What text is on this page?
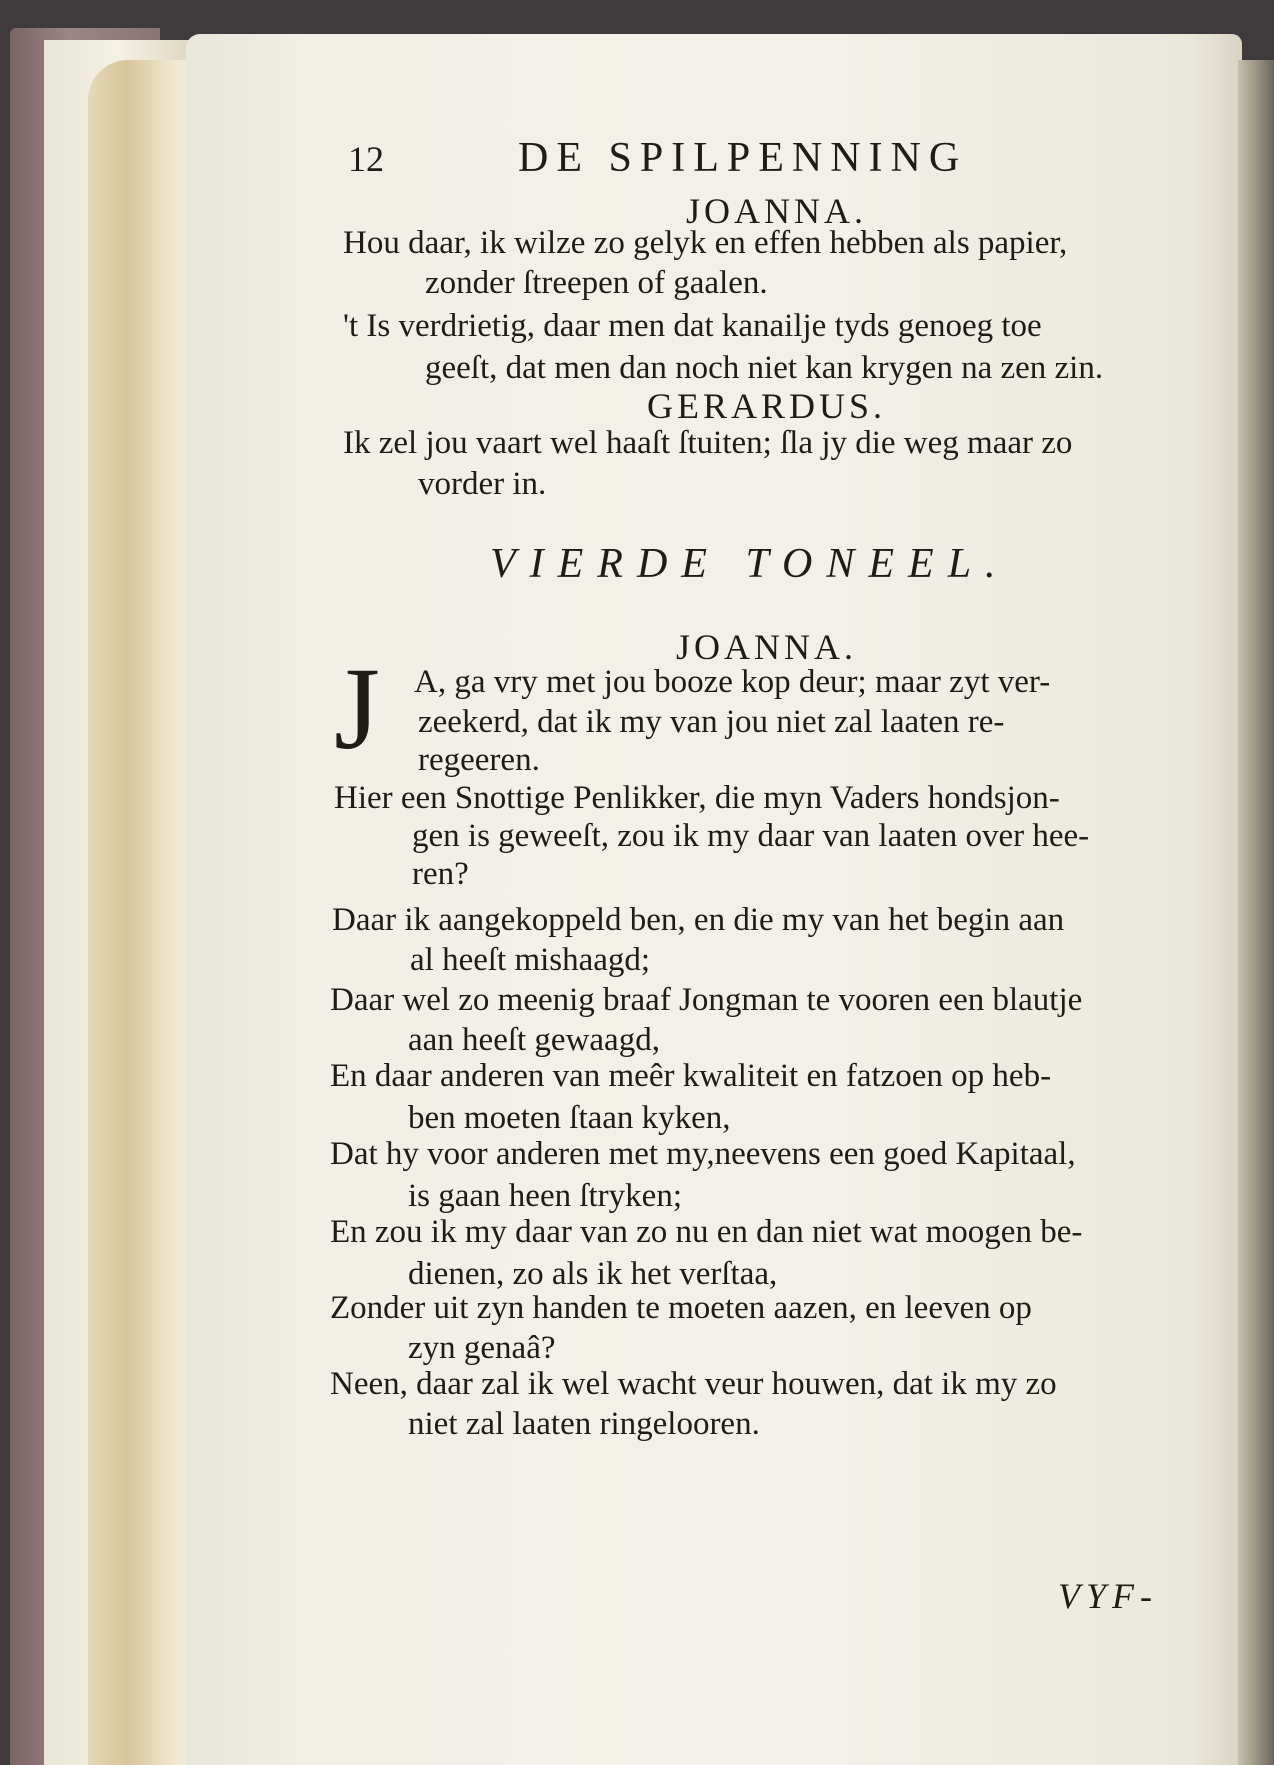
12	DE SPILPENNING
JOANNA.
Hou daar, ik wilze zo gelyk en effen hebben als papier,
zonder ſtreepen of gaalen.
't Is verdrietig, daar men dat kanailje tyds genoeg toe
geeſt, dat men dan noch niet kan krygen na zen zin.
GERARDUS.
Ik zel jou vaart wel haaſt ſtuiten; ſla jy die weg maar zo
vorder in.
VIERDE TONEEL.
JOANNA.
J A, ga vry met jou booze kop deur; maar zyt ver-
zeekerd, dat ik my van jou niet zal laaten re-
regeeren.
Hier een Snottige Penlikker, die myn Vaders hondsjon-
gen is geweeſt, zou ik my daar van laaten over hee-
ren?
Daar ik aangekoppeld ben, en die my van het begin aan
al heeſt mishaagd;
Daar wel zo meenig braaf Jongman te vooren een blautje
aan heeſt gewaagd,
En daar anderen van meêr kwaliteit en fatzoen op heb-
ben moeten ſtaan kyken,
Dat hy voor anderen met my,neevens een goed Kapitaal,
is gaan heen ſtryken;
En zou ik my daar van zo nu en dan niet wat moogen be-
dienen, zo als ik het verſtaa,
Zonder uit zyn handen te moeten aazen, en leeven op
zyn genaâ?
Neen, daar zal ik wel wacht veur houwen, dat ik my zo
niet zal laaten ringelooren.
VYF-
